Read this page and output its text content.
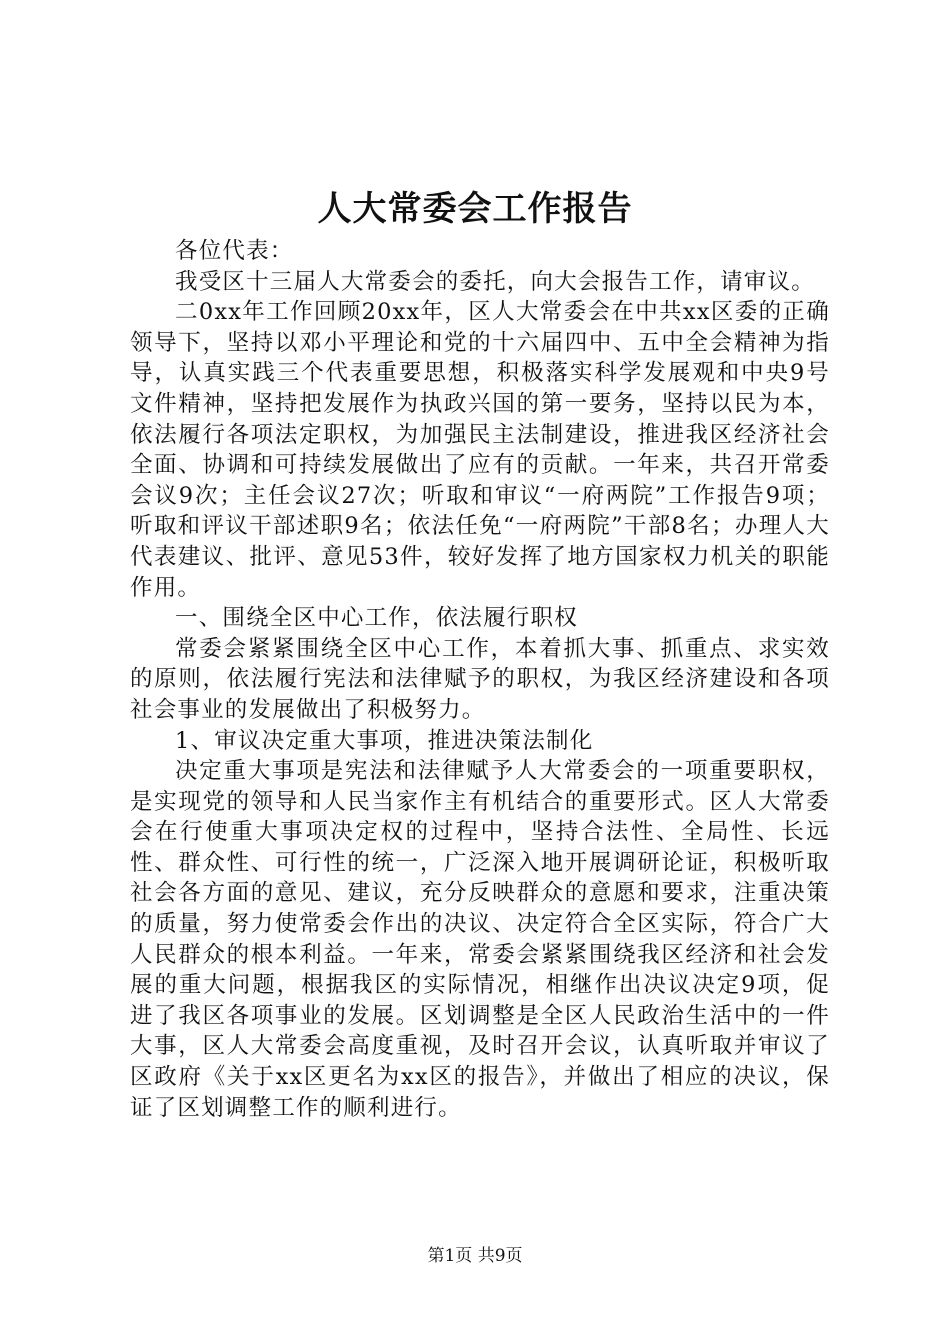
人大常委会工作报告

各位代表：

我受区十三届人大常委会的委托，向大会报告工作，请审议。

二0xx年工作回顾20xx年，区人大常委会在中共xx区委的正确领导下，坚持以邓小平理论和党的十六届四中、五中全会精神为指导，认真实践三个代表重要思想，积极落实科学发展观和中央9号文件精神，坚持把发展作为执政兴国的第一要务，坚持以民为本，依法履行各项法定职权，为加强民主法制建设，推进我区经济社会全面、协调和可持续发展做出了应有的贡献。一年来，共召开常委会议9次；主任会议27次；听取和审议“一府两院”工作报告9项；听取和评议干部述职9名；依法任免“一府两院”干部8名；办理人大代表建议、批评、意见53件，较好发挥了地方国家权力机关的职能作用。

一、围绕全区中心工作，依法履行职权

常委会紧紧围绕全区中心工作，本着抓大事、抓重点、求实效的原则，依法履行宪法和法律赋予的职权，为我区经济建设和各项社会事业的发展做出了积极努力。

1、审议决定重大事项，推进决策法制化

决定重大事项是宪法和法律赋予人大常委会的一项重要职权，是实现党的领导和人民当家作主有机结合的重要形式。区人大常委会在行使重大事项决定权的过程中，坚持合法性、全局性、长远性、群众性、可行性的统一，广泛深入地开展调研论证，积极听取社会各方面的意见、建议，充分反映群众的意愿和要求，注重决策的质量，努力使常委会作出的决议、决定符合全区实际，符合广大人民群众的根本利益。一年来，常委会紧紧围绕我区经济和社会发展的重大问题，根据我区的实际情况，相继作出决议决定9项，促进了我区各项事业的发展。区划调整是全区人民政治生活中的一件大事，区人大常委会高度重视，及时召开会议，认真听取并审议了区政府《关于xx区更名为xx区的报告》，并做出了相应的决议，保证了区划调整工作的顺利进行。

第1页 共9页
